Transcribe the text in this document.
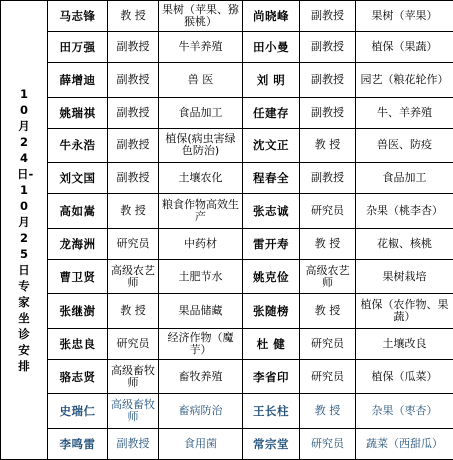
10月24日-10月25日专家坐诊安排	马志锋	教 授	果树（苹果、猕猴桃）	尚晓峰	副教授	果树（苹果）
	田万强	副教授	牛羊养殖	田小曼	副教授	植保（果蔬）
	薛增迪	副教授	兽 医	刘 明	副教授	园艺（粮花轮作）
	姚瑞祺	副教授	食品加工	任建存	副教授	牛、羊养殖
	牛永浩	副教授	植保(病虫害绿色防治)	沈文正	教 授	兽医、防疫
	刘文国	副教授	土壤农化	程春全	副教授	食品加工
	高如嵩	教 授	粮食作物高效生产	张志诚	研究员	杂果（桃李杏）
	龙海洲	研究员	中药材	雷开寿	教 授	花椒、核桃
	曹卫贤	高级农艺师	土肥节水	姚克俭	高级农艺师	果树栽培
	张继澍	教 授	果品储藏	张随榜	教 授	植保（农作物、果蔬）
	张忠良	研究员	经济作物（魔芋）	杜 健	研究员	土壤改良
	骆志贤	高级畜牧师	畜牧养殖	李省印	研究员	植保（瓜菜）
	史瑞仁	高级畜牧师	畜病防治	王长柱	教 授	杂果（枣杏）
	李鸣雷	副教授	食用菌	常宗堂	研究员	蔬菜（西甜瓜）
